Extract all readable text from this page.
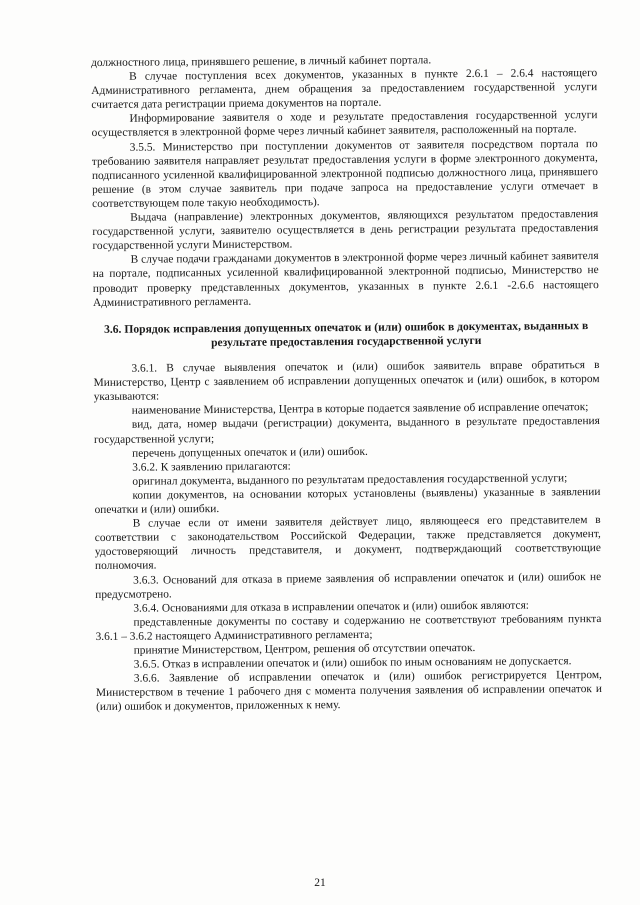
должностного лица, принявшего решение, в личный кабинет портала.

В случае поступления всех документов, указанных в пункте 2.6.1 – 2.6.4 настоящего Административного регламента, днем обращения за предоставлением государственной услуги считается дата регистрации приема документов на портале.

Информирование заявителя о ходе и результате предоставления государственной услуги осуществляется в электронной форме через личный кабинет заявителя, расположенный на портале.

3.5.5. Министерство при поступлении документов от заявителя посредством портала по требованию заявителя направляет результат предоставления услуги в форме электронного документа, подписанного усиленной квалифицированной электронной подписью должностного лица, принявшего решение (в этом случае заявитель при подаче запроса на предоставление услуги отмечает в соответствующем поле такую необходимость).

Выдача (направление) электронных документов, являющихся результатом предоставления государственной услуги, заявителю осуществляется в день регистрации результата предоставления государственной услуги Министерством.

В случае подачи гражданами документов в электронной форме через личный кабинет заявителя на портале, подписанных усиленной квалифицированной электронной подписью, Министерство не проводит проверку представленных документов, указанных в пункте 2.6.1 -2.6.6 настоящего Административного регламента.

3.6. Порядок исправления допущенных опечаток и (или) ошибок в документах, выданных в результате предоставления государственной услуги

3.6.1. В случае выявления опечаток и (или) ошибок заявитель вправе обратиться в Министерство, Центр с заявлением об исправлении допущенных опечаток и (или) ошибок, в котором указываются:

наименование Министерства, Центра в которые подается заявление об исправление опечаток;

вид, дата, номер выдачи (регистрации) документа, выданного в результате предоставления государственной услуги;

перечень допущенных опечаток и (или) ошибок.

3.6.2. К заявлению прилагаются:

оригинал документа, выданного по результатам предоставления государственной услуги;

копии документов, на основании которых установлены (выявлены) указанные в заявлении опечатки и (или) ошибки.

В случае если от имени заявителя действует лицо, являющееся его представителем в соответствии с законодательством Российской Федерации, также представляется документ, удостоверяющий личность представителя, и документ, подтверждающий соответствующие полномочия.

3.6.3. Оснований для отказа в приеме заявления об исправлении опечаток и (или) ошибок не предусмотрено.

3.6.4. Основаниями для отказа в исправлении опечаток и (или) ошибок являются:

представленные документы по составу и содержанию не соответствуют требованиям пункта 3.6.1 – 3.6.2 настоящего Административного регламента;

принятие Министерством, Центром, решения об отсутствии опечаток.

3.6.5. Отказ в исправлении опечаток и (или) ошибок по иным основаниям не допускается.

3.6.6. Заявление об исправлении опечаток и (или) ошибок регистрируется Центром, Министерством в течение 1 рабочего дня с момента получения заявления об исправлении опечаток и (или) ошибок и документов, приложенных к нему.

21
